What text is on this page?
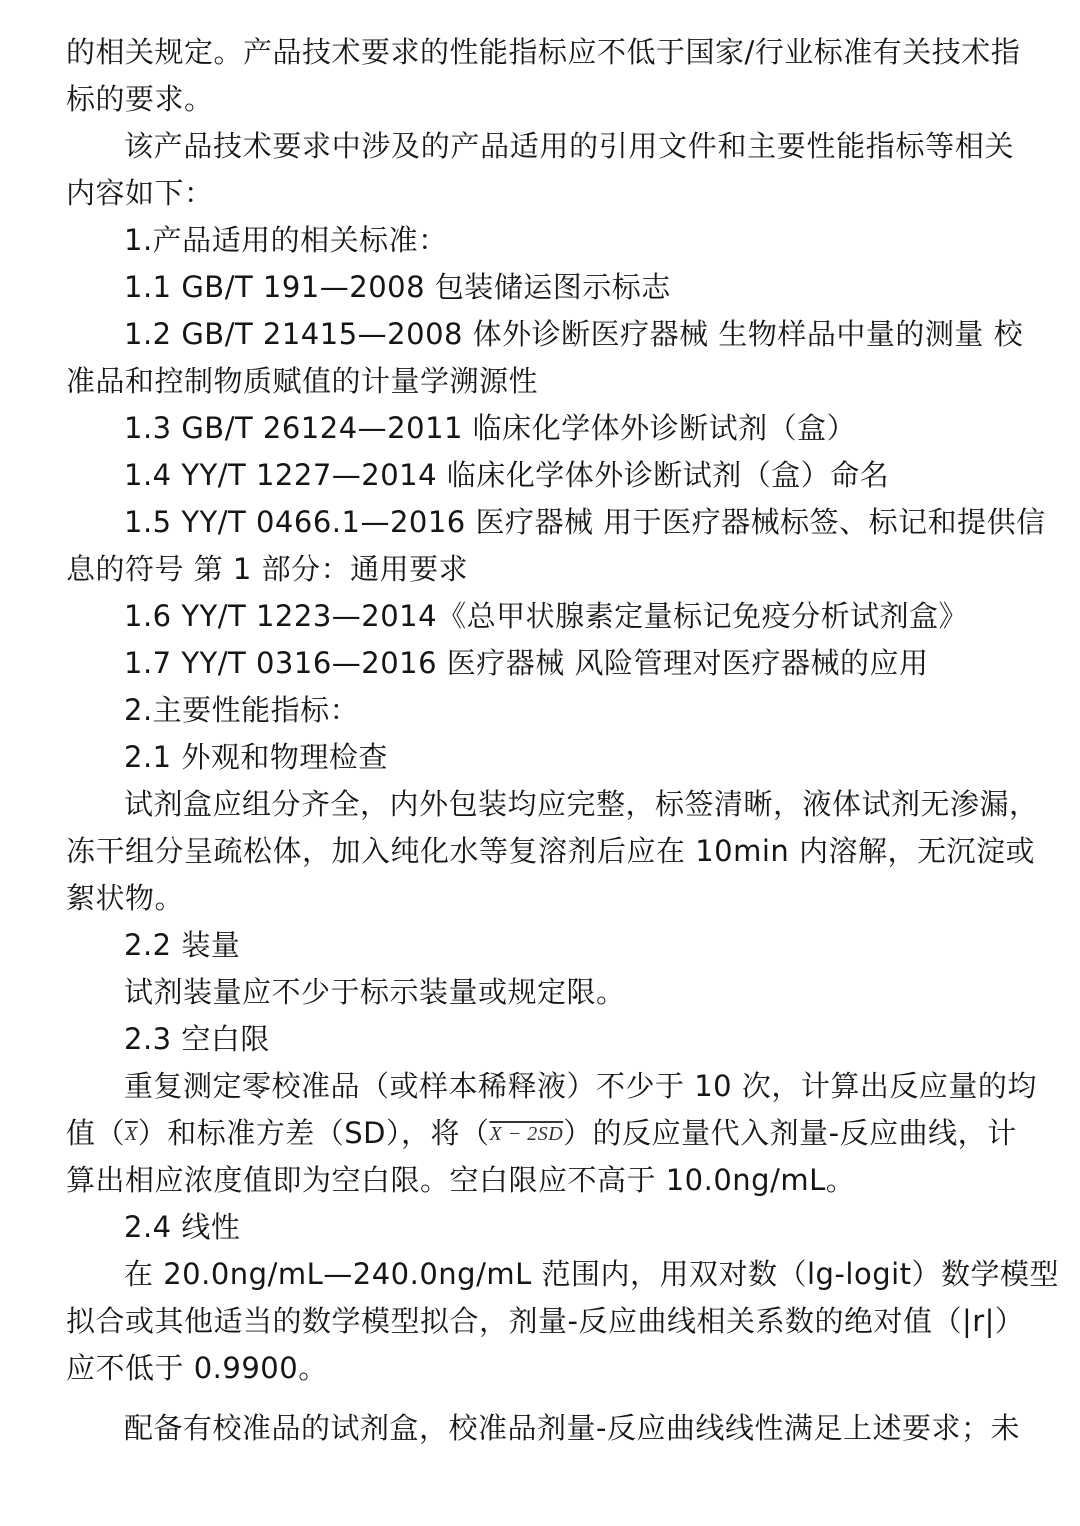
的相关规定。产品技术要求的性能指标应不低于国家/行业标准有关技术指
标的要求。
该产品技术要求中涉及的产品适用的引用文件和主要性能指标等相关
内容如下：
1.产品适用的相关标准：
1.1 GB/T 191—2008 包装储运图示标志
1.2 GB/T 21415—2008 体外诊断医疗器械 生物样品中量的测量 校
准品和控制物质赋值的计量学溯源性
1.3 GB/T 26124—2011 临床化学体外诊断试剂（盒）
1.4 YY/T 1227—2014 临床化学体外诊断试剂（盒）命名
1.5 YY/T 0466.1—2016 医疗器械 用于医疗器械标签、标记和提供信
息的符号 第 1 部分：通用要求
1.6 YY/T 1223—2014《总甲状腺素定量标记免疫分析试剂盒》
1.7 YY/T 0316—2016 医疗器械 风险管理对医疗器械的应用
2.主要性能指标：
2.1 外观和物理检查
试剂盒应组分齐全，内外包装均应完整，标签清晰，液体试剂无渗漏，
冻干组分呈疏松体，加入纯化水等复溶剂后应在 10min 内溶解，无沉淀或
絮状物。
2.2 装量
试剂装量应不少于标示装量或规定限。
2.3 空白限
重复测定零校准品（或样本稀释液）不少于 10 次，计算出反应量的均
值$(\overline{X})$和标准方差（SD），将（X − 2SD）的反应量代入剂量-反应曲线，计
算出相应浓度值即为空白限。空白限应不高于 10.0ng/mL。
2.4 线性
在 20.0ng/mL—240.0ng/mL 范围内，用双对数（lg-logit）数学模型
拟合或其他适当的数学模型拟合，剂量-反应曲线相关系数的绝对值（|r|）
应不低于 0.9900。
配备有校准品的试剂盒，校准品剂量-反应曲线线性满足上述要求；未
